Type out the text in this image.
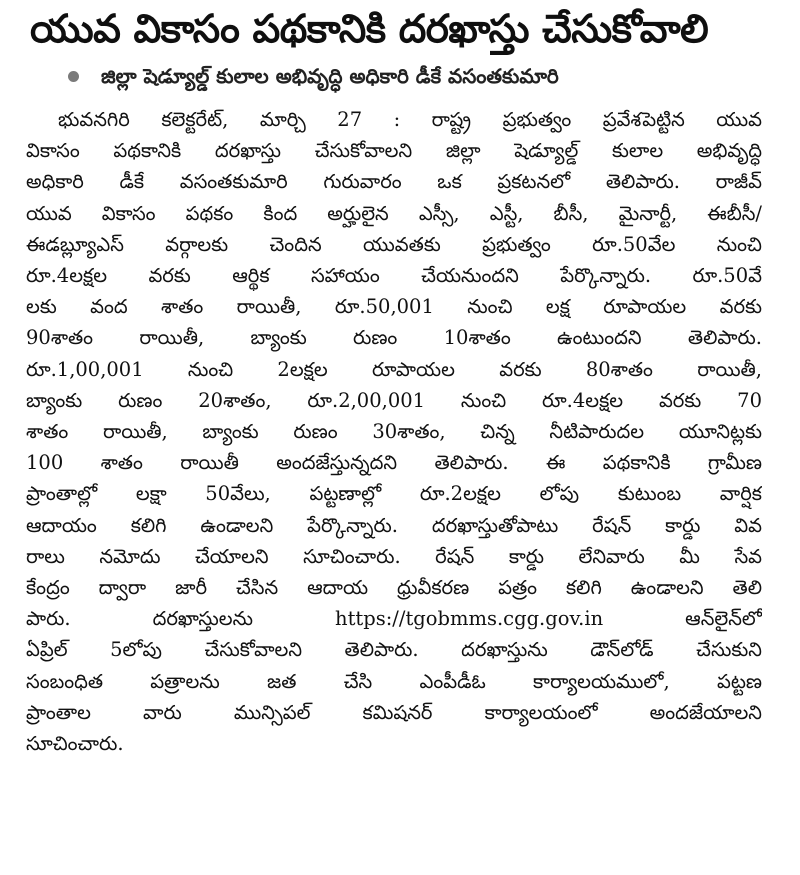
యువ వికాసం పథకానికి దరఖాస్తు చేసుకోవాలి
జిల్లా షెడ్యూల్డ్ కులాల అభివృద్ధి అధికారి డీకే వసంతకుమారి
భువనగిరి కలెక్టరేట్, మార్చి 27 : రాష్ట్ర ప్రభుత్వం ప్రవేశపెట్టిన యువ
వికాసం పథకానికి దరఖాస్తు చేసుకోవాలని జిల్లా షెడ్యూల్డ్ కులాల అభివృద్ధి
అధికారి డీకే వసంతకుమారి గురువారం ఒక ప్రకటనలో తెలిపారు. రాజీవ్
యువ వికాసం పథకం కింద అర్హులైన ఎస్సీ, ఎస్టీ, బీసీ, మైనార్టీ, ఈబీసీ/
ఈడబ్ల్యూఎస్ వర్గాలకు చెందిన యువతకు ప్రభుత్వం రూ.50వేల నుంచి
రూ.4లక్షల వరకు ఆర్థిక సహాయం చేయనుందని పేర్కొన్నారు. రూ.50వే
లకు వంద శాతం రాయితీ, రూ.50,001 నుంచి లక్ష రూపాయల వరకు
90శాతం రాయితీ, బ్యాంకు రుణం 10శాతం ఉంటుందని తెలిపారు.
రూ.1,00,001 నుంచి 2లక్షల రూపాయల వరకు 80శాతం రాయితీ,
బ్యాంకు రుణం 20శాతం, రూ.2,00,001 నుంచి రూ.4లక్షల వరకు 70
శాతం రాయితీ, బ్యాంకు రుణం 30శాతం, చిన్న నీటిపారుదల యూనిట్లకు
100 శాతం రాయితీ అందజేస్తున్నదని తెలిపారు. ఈ పథకానికి గ్రామీణ
ప్రాంతాల్లో లక్షా 50వేలు, పట్టణాల్లో రూ.2లక్షల లోపు కుటుంబ వార్షిక
ఆదాయం కలిగి ఉండాలని పేర్కొన్నారు. దరఖాస్తుతోపాటు రేషన్ కార్డు వివ
రాలు నమోదు చేయాలని సూచించారు. రేషన్ కార్డు లేనివారు మీ సేవ
కేంద్రం ద్వారా జారీ చేసిన ఆదాయ ధ్రువీకరణ పత్రం కలిగి ఉండాలని తెలి
పారు. దరఖాస్తులను https://tgobmms.cgg.gov.in ఆన్‌లైన్‌లో
ఏప్రిల్ 5లోపు చేసుకోవాలని తెలిపారు. దరఖాస్తును డౌన్‌లోడ్ చేసుకుని
సంబంధిత పత్రాలను జత చేసి ఎంపీడీఓ కార్యాలయములో, పట్టణ
ప్రాంతాల వారు మున్సిపల్ కమిషనర్ కార్యాలయంలో అందజేయాలని
సూచించారు.
